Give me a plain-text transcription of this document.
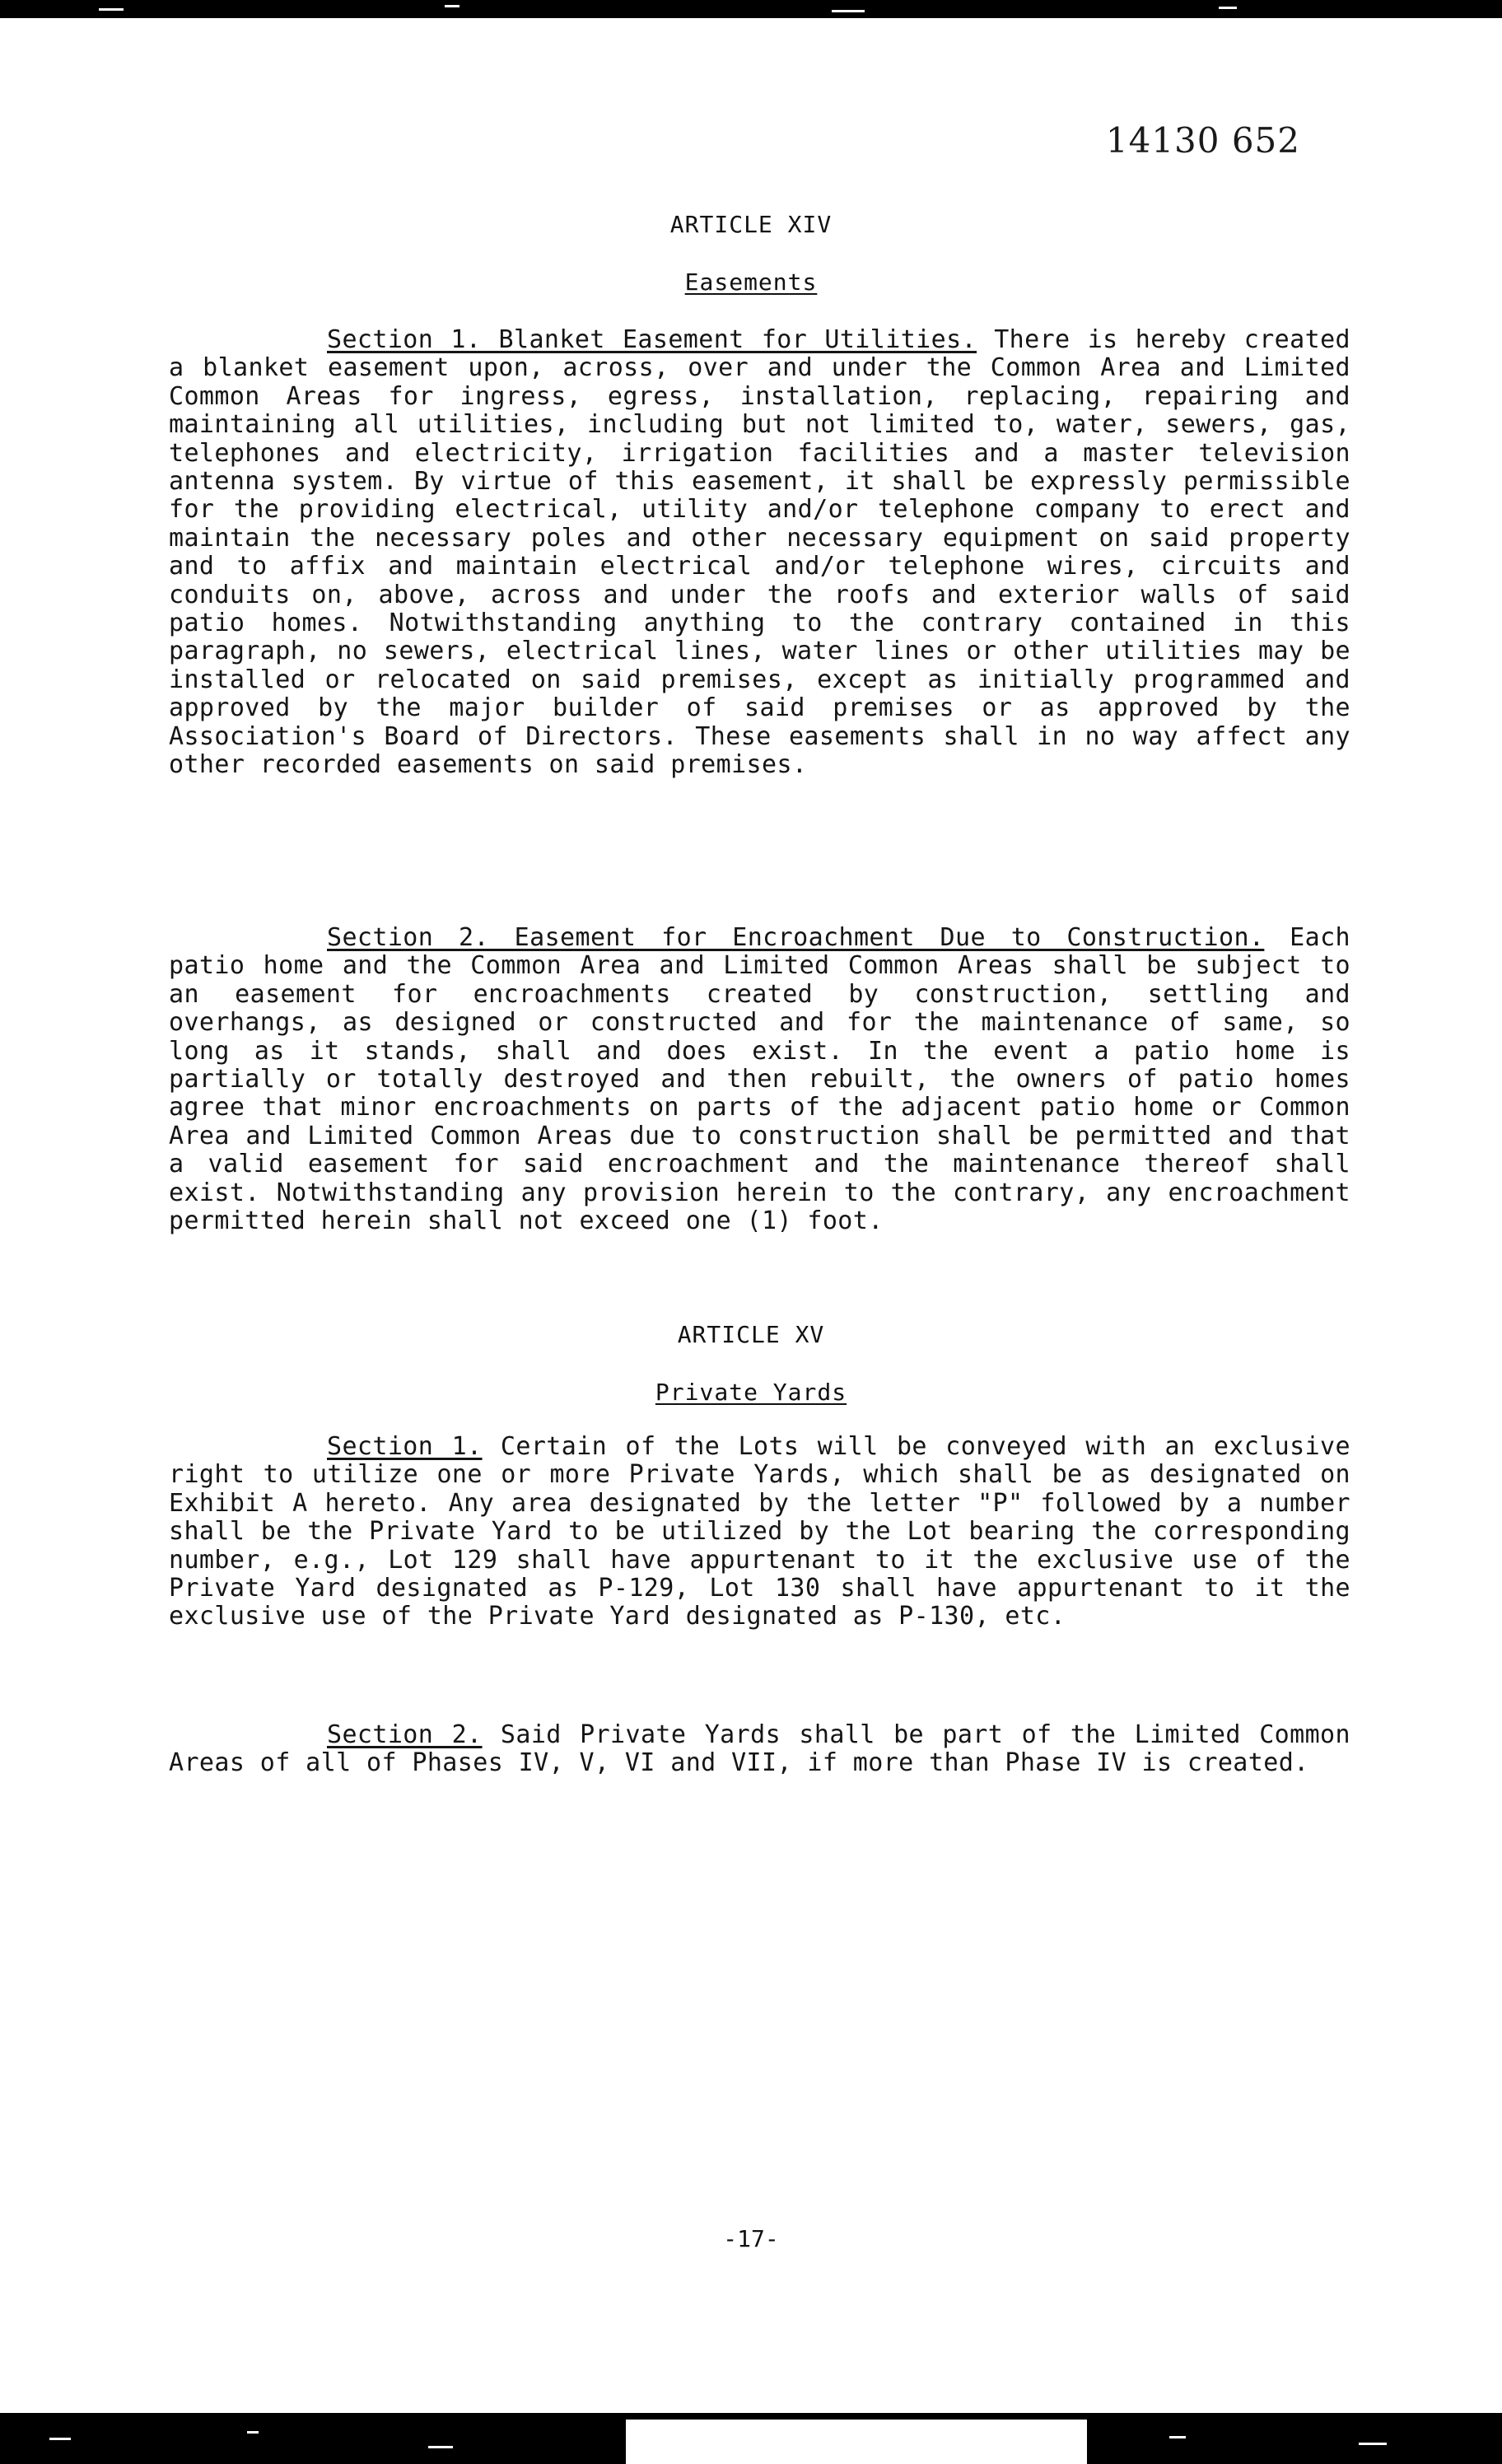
14130 652
ARTICLE XIV
Easements

Section 1. Blanket Easement for Utilities. There is hereby created a blanket easement upon, across, over and under the Common Area and Limited Common Areas for ingress, egress, installation, replacing, repairing and maintaining all utilities, including but not limited to, water, sewers, gas, telephones and electricity, irrigation facilities and a master television antenna system. By virtue of this easement, it shall be expressly permissible for the providing electrical, utility and/or telephone company to erect and maintain the necessary poles and other necessary equipment on said property and to affix and maintain electrical and/or telephone wires, circuits and conduits on, above, across and under the roofs and exterior walls of said patio homes. Notwithstanding anything to the contrary contained in this paragraph, no sewers, electrical lines, water lines or other utilities may be installed or relocated on said premises, except as initially programmed and approved by the major builder of said premises or as approved by the Association's Board of Directors. These easements shall in no way affect any other recorded easements on said premises.

Section 2. Easement for Encroachment Due to Construction. Each patio home and the Common Area and Limited Common Areas shall be subject to an easement for encroachments created by construction, settling and overhangs, as designed or constructed and for the maintenance of same, so long as it stands, shall and does exist. In the event a patio home is partially or totally destroyed and then rebuilt, the owners of patio homes agree that minor encroachments on parts of the adjacent patio home or Common Area and Limited Common Areas due to construction shall be permitted and that a valid easement for said encroachment and the maintenance thereof shall exist. Notwithstanding any provision herein to the contrary, any encroachment permitted herein shall not exceed one (1) foot.

ARTICLE XV
Private Yards

Section 1. Certain of the Lots will be conveyed with an exclusive right to utilize one or more Private Yards, which shall be as designated on Exhibit A hereto. Any area designated by the letter "P" followed by a number shall be the Private Yard to be utilized by the Lot bearing the corresponding number, e.g., Lot 129 shall have appurtenant to it the exclusive use of the Private Yard designated as P-129, Lot 130 shall have appurtenant to it the exclusive use of the Private Yard designated as P-130, etc.

Section 2. Said Private Yards shall be part of the Limited Common Areas of all of Phases IV, V, VI and VII, if more than Phase IV is created.

-17-
